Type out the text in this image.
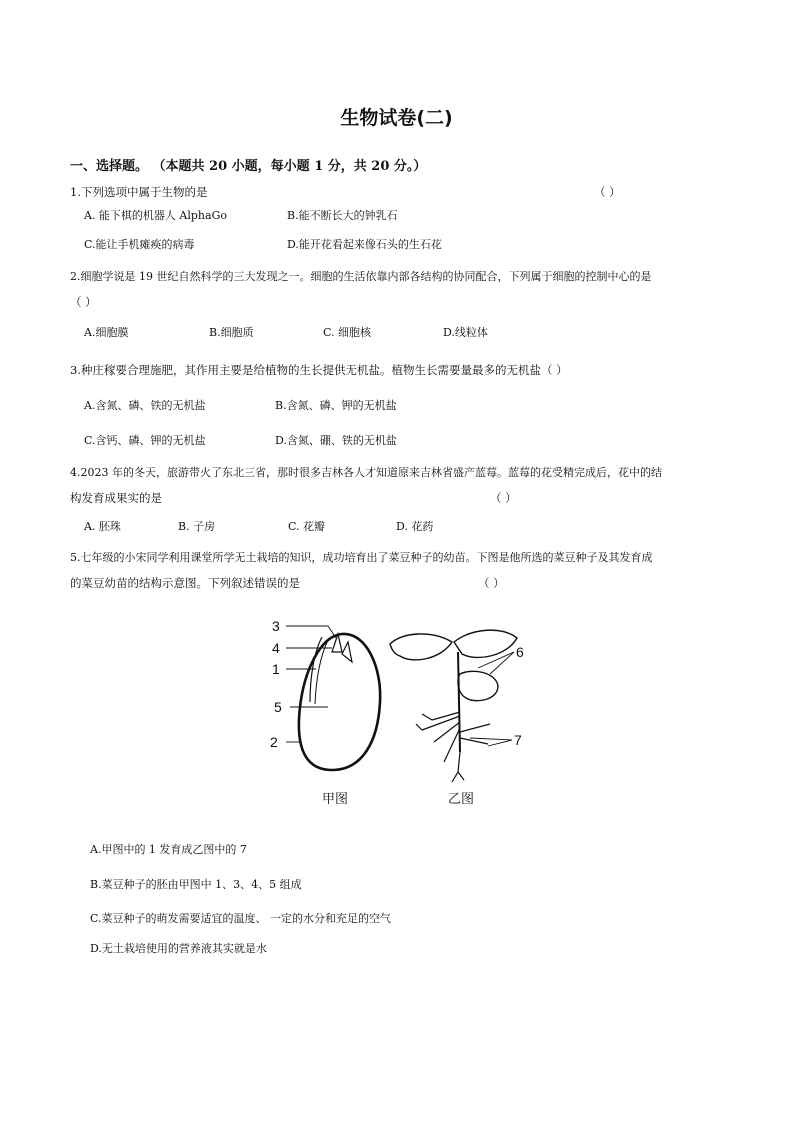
生物试卷(二)
一、选择题。 （本题共 20 小题，每小题 1 分，共 20 分。）
1.下列选项中属于生物的是	（ ）
A. 能下棋的机器人 AlphaGo	B.能不断长大的钟乳石
C.能让手机瘫痪的病毒	D.能开花看起来像石头的生石花
2.细胞学说是 19 世纪自然科学的三大发现之一。细胞的生活依靠内部各结构的协同配合，下列属于细胞的控制中心的是
（ ）
A.细胞膜	B.细胞质	C. 细胞核	D.线粒体
3.种庄稼要合理施肥，其作用主要是给植物的生长提供无机盐。植物生长需要量最多的无机盐（ ）
A.含氮、磷、铁的无机盐	B.含氮、磷、钾的无机盐
C.含钙、磷、钾的无机盐	D.含氮、硼、铁的无机盐
4.2023 年的冬天，旅游带火了东北三省，那时很多吉林各人才知道原来吉林省盛产蓝莓。蓝莓的花受精完成后，花中的结
构发育成果实的是	（ ）
A. 胚珠	B. 子房	C. 花瓣	D. 花药
5.七年级的小宋同学利用课堂所学无土栽培的知识，成功培育出了菜豆种子的幼苗。下图是他所选的菜豆种子及其发育成
的菜豆幼苗的结构示意图。下列叙述错误的是	（ ）
3
4
1
5
2
6
7
甲图	乙图
A.甲图中的 1 发育成乙图中的 7
B.菜豆种子的胚由甲图中 1、3、4、5 组成
C.菜豆种子的萌发需要适宜的温度、 一定的水分和充足的空气
D.无土栽培使用的营养液其实就是水
